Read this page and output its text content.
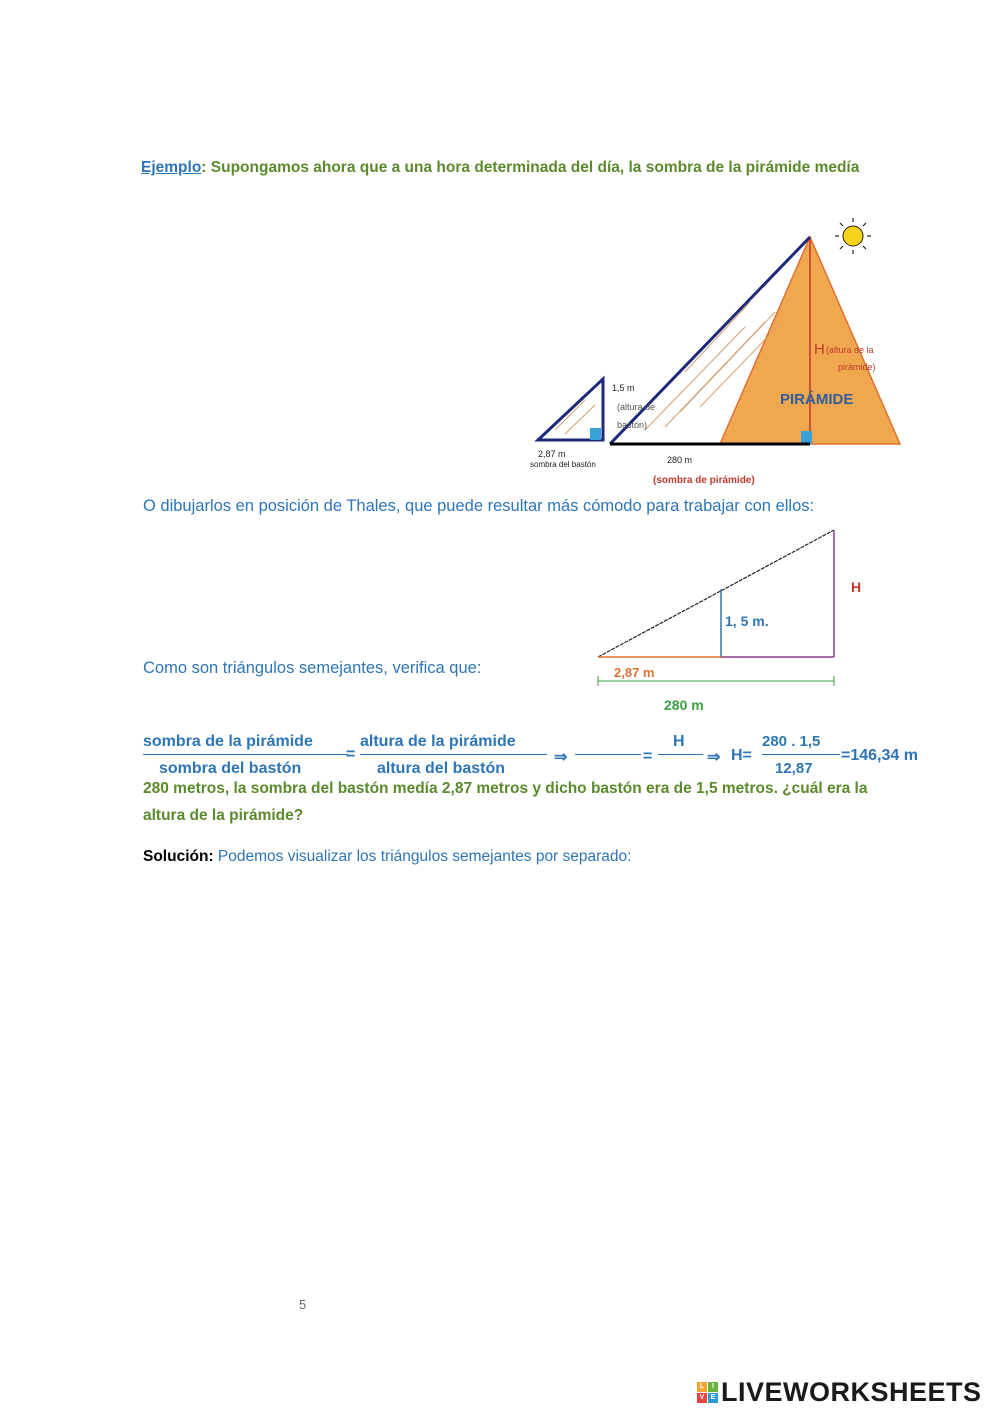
Ejemplo: Supongamos ahora que a una hora determinada del día, la sombra de la pirámide medía
1,5 m
(altura de
bastón)
2,87 m
sombra del bastón	280 m
(sombra de pirámide)
PIRÁMIDE
H (altura de la
pirámide)
O dibujarlos en posición de Thales, que puede resultar más cómodo para trabajar con ellos:
H
1, 5 m.
2,87 m
280 m
Como son triángulos semejantes, verifica que:
sombra de la pirámide
sombra del bastón
=
altura de la pirámide
altura del bastón
⇒	=
H
⇒ H=
280 . 1,5
12,87
=146,34 m
280 metros, la sombra del bastón medía 2,87 metros y dicho bastón era de 1,5 metros. ¿cuál era la
altura de la pirámide?
Solución: Podemos visualizar los triángulos semejantes por separado:
5
L	I
V E LIVEWORKSHEETS
